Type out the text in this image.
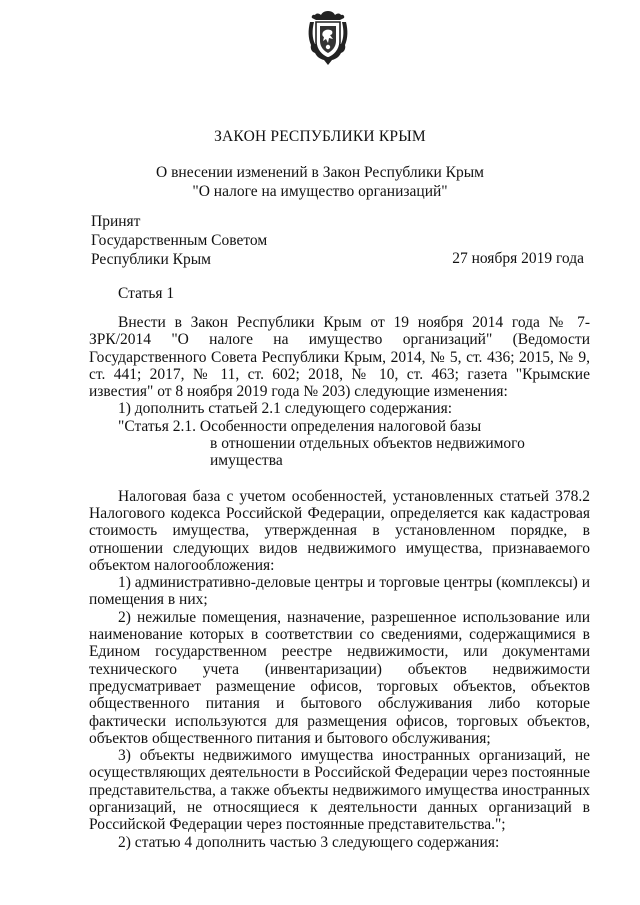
ЗАКОН РЕСПУБЛИКИ КРЫМ
О внесении изменений в Закон Республики Крым
"О налоге на имущество организаций"
Принят
Государственным Советом
Республики Крым	27 ноября 2019 года
Статья 1

Внести в Закон Республики Крым от 19 ноября 2014 года № 7-ЗРК/2014 "О налоге на имущество организаций" (Ведомости Государственного Совета Республики Крым, 2014, № 5, ст. 436; 2015, № 9, ст. 441; 2017, № 11, ст. 602; 2018, № 10, ст. 463; газета "Крымские известия" от 8 ноября 2019 года № 203) следующие изменения:

1) дополнить статьей 2.1 следующего содержания:

"Статья 2.1. Особенности определения налоговой базы

в отношении отдельных объектов недвижимого имущества

Налоговая база с учетом особенностей, установленных статьей 378.2 Налогового кодекса Российской Федерации, определяется как кадастровая стоимость имущества, утвержденная в установленном порядке, в отношении следующих видов недвижимого имущества, признаваемого объектом налогообложения:

1) административно-деловые центры и торговые центры (комплексы) и помещения в них;

2) нежилые помещения, назначение, разрешенное использование или наименование которых в соответствии со сведениями, содержащимися в Едином государственном реестре недвижимости, или документами технического учета (инвентаризации) объектов недвижимости предусматривает размещение офисов, торговых объектов, объектов общественного питания и бытового обслуживания либо которые фактически используются для размещения офисов, торговых объектов, объектов общественного питания и бытового обслуживания;

3) объекты недвижимого имущества иностранных организаций, не осуществляющих деятельности в Российской Федерации через постоянные представительства, а также объекты недвижимого имущества иностранных организаций, не относящиеся к деятельности данных организаций в Российской Федерации через постоянные представительства.";

2) статью 4 дополнить частью 3 следующего содержания:
